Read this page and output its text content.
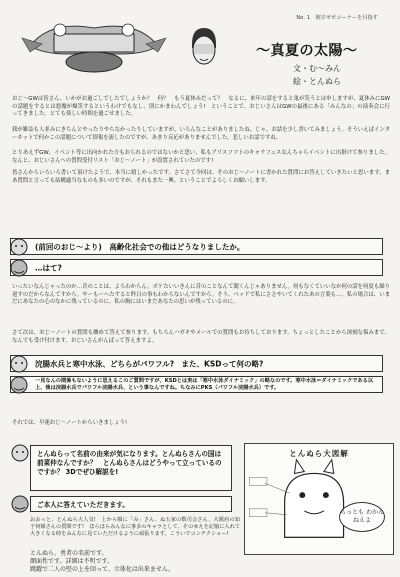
No. 1　彼岸ゼポコーナーを目指す
〜真夏の太陽〜
文・む〜みん
絵・とんぬら
おじ〜GWは皆さん、いかがお過ごしでしたでしょうか？　何？　もう夏休みだって？　なるに、来年の話をすると鬼が笑うとは申しますが、夏休みにGWの話題をするとは悪魔が爆笑するというわけでもなし、別にかまわんでしょう!　ということで、おじいさんはGWの最後にある「みんなの」の演奏会に行ってきました。とても楽しい時間を過ごせました。
我が雑誌も人並みにきちんとやったりやらなかったりしていますが、いろんなことがありましたね。じゃ、お話を少し書いてみましょう。そういえばインターネットで何かこの話題について情報を流したのですが、あまり反応がありませんでした。悲しいお話ですね。
とりあえずGW、イベント等に出向かれた方もおられるのではないかと思い、私もアリスソフトのキャラフェスなんちゃらイベントに出掛けて参りました。なんと、おじいさんへの質問受付リスト「おじ〜ノート」が設置されていたのです!
皆さんからいろいろ書いて頂けたようで、本当に嬉しかったです。さてさて今回は、そのおじ〜ノートに書かれた質問にお答えしていきたいと思います。まあ質問と言っても結構適当なものも多いのですが、それもまた一興、ということでよろしくお願いします。
(前回のおじ〜より)　高齢化社会での他はどうなりましたか。
…はて?
いったいなんじゃったのか…昔のことは、よろわからん。ボケたいいきんに昔のことなんて聞くんじゃありません。何もなくていいなか何の話を何度も繰り返すのだからなんてすから。やーもーへたすると昨日の事もわからないんですから。そう、ベッドで私にささやいてくれたあの言葉も…。私の場合は、いまだにあなたの心のなかに残っているのに。私の胸にはいまだあなたの思いが残っているのに。
さて次は、おじ〜ノートの質問も纏めて答えて参ります。もちろんハガキやメールでの質問もお待ちしております。ちょっとしたことから深刻な悩みまで、なんでも受け付けます。おじいさんがんばって答えますよ。
浣腸水兵と寒中水泳、どちらがパワフル?　また、KSDって何の略?
一見なんの関係もないように思えるこのご質問ですが、KSDとは実は「寒中水泳ダイナミック」の略なのです。寒中水泳＝ダイナミックである以上、後は浣腸水兵でパワフル浣腸水兵、という事なんですね。ちなみにPKS（パワフル浣腸水兵）です。
それでは、早速おじ〜ノートからいきましょう!
とんぬらって名前の由来が気になります。とんぬらさんの国は前菜仲なんですか？　とんぬらさんはどうやって立っているのですか？ 3Dでぜひ解説を!
ご本人に答えていただきます。
おおっと、とんぬら大人気!　上から順に「み」さん、ぬ五家の数司会さん、大阪府の知子何様さんの質問です!　ほらほらみんなに事多のキャラとして、そのゆえを記憶に入れて大きくなる時をみんなに見ていただけるように頑張ります。こういでコンチクショー!
とんぬら、勇者の名前です。
顔面性です。詳細は不明です。
跳躍で二人の堅の上を回って、立体化は出来ません。
とんぬら大図解
ちっとも わかんねえよ
